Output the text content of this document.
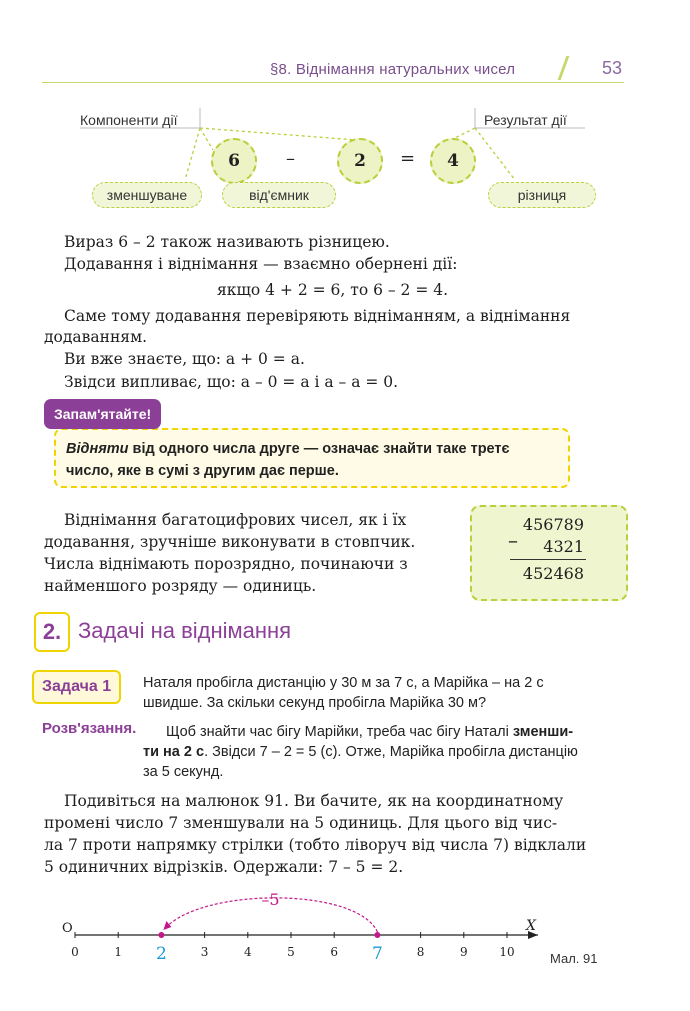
§8. Віднімання натуральних чисел	53
Компоненти дії	Результат дії
6	–	2	=	4
зменшуване	від'ємник	різниця
Вираз 6 – 2 також називають різницею.
Додавання і віднімання — взаємно обернені дії:
якщо 4 + 2 = 6, то 6 – 2 = 4.
Саме тому додавання перевіряють відніманням, а віднімання
додаванням.
Ви вже знаєте, що: a + 0 = a.
Звідси випливає, що: a – 0 = a і a – a = 0.
Запам'ятайте!
Відняти від одного числа друге — означає знайти таке третє
число, яке в сумі з другим дає перше.
Віднімання багатоцифрових чисел, як і їх
додавання, зручніше виконувати в стовпчик.
Числа віднімають порозрядно, починаючи з
найменшого розряду — одиниць.
456789
–	4321
452468
2. Задачі на віднімання
Задача 1	Наталя пробігла дистанцію у 30 м за 7 с, а Марійка – на 2 с
швидше. За скільки секунд пробігла Марійка 30 м?
Розв'язання. Щоб знайти час бігу Марійки, треба час бігу Наталі зменши-
ти на 2 с. Звідси 7 – 2 = 5 (с). Отже, Марійка пробігла дистанцію
за 5 секунд.
Подивіться на малюнок 91. Ви бачите, як на координатному
промені число 7 зменшували на 5 одиниць. Для цього від чис-
ла 7 проти напрямку стрілки (тобто ліворуч від числа 7) відклали
5 одиничних відрізків. Одержали: 7 – 5 = 2.
O	X
–5
0	1 2	3	4	5	6 7	8	9	10	Мал. 91
